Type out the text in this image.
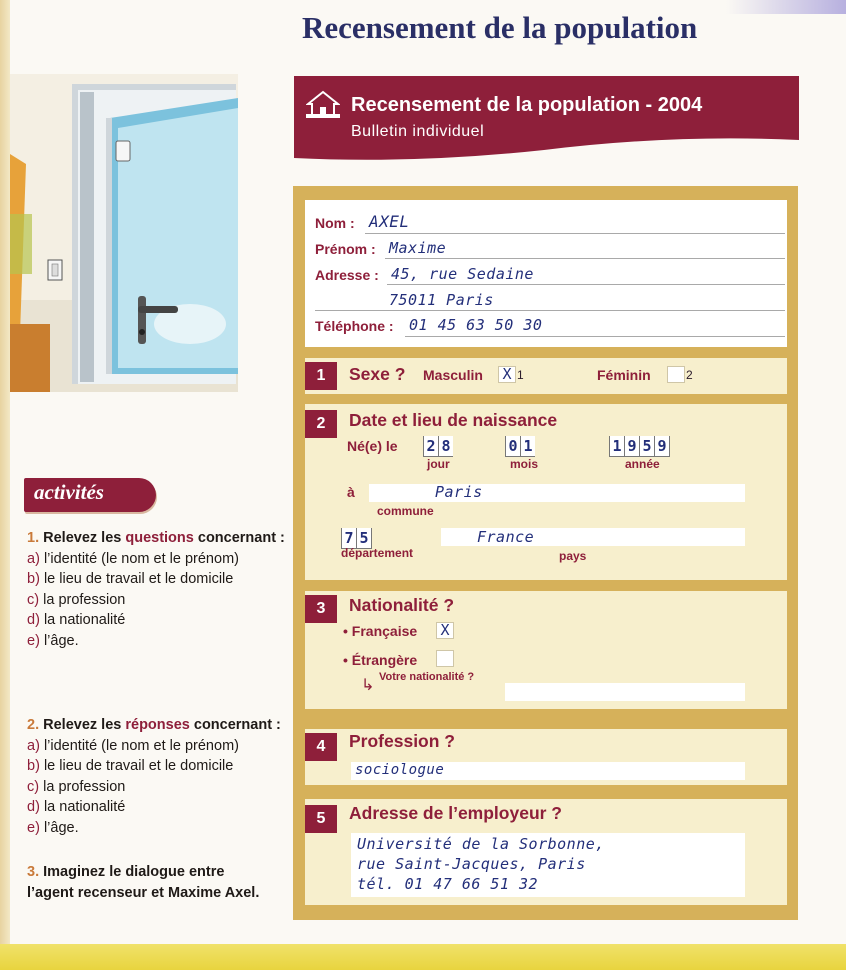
Recensement de la population
activités
1. Relevez les questions concernant :
a) l’identité (le nom et le prénom)
b) le lieu de travail et le domicile
c) la profession
d) la nationalité
e) l’âge.
2. Relevez les réponses concernant :
a) l’identité (le nom et le prénom)
b) le lieu de travail et le domicile
c) la profession
d) la nationalité
e) l’âge.
3. Imaginez le dialogue entre
l’agent recenseur et Maxime Axel.
Recensement de la population - 2004
Bulletin individuel
Nom : AXEL
Prénom : Maxime
Adresse : 45, rue Sedaine
75011 Paris
Téléphone : 01 45 63 50 30
1	Sexe ? Masculin X 1	Féminin	2
2	Date et lieu de naissance
Né(e) le 2 8
jour
0 1
mois
1 9 5 9
année
à	Paris
commune
7 5
département
France
pays
3	Nationalité ?
• Française X
• Étrangère
↳ Votre nationalité ?
4	Profession ?
sociologue
5	Adresse de l’employeur ?
Université de la Sorbonne,
rue Saint-Jacques, Paris
tél. 01 47 66 51 32
